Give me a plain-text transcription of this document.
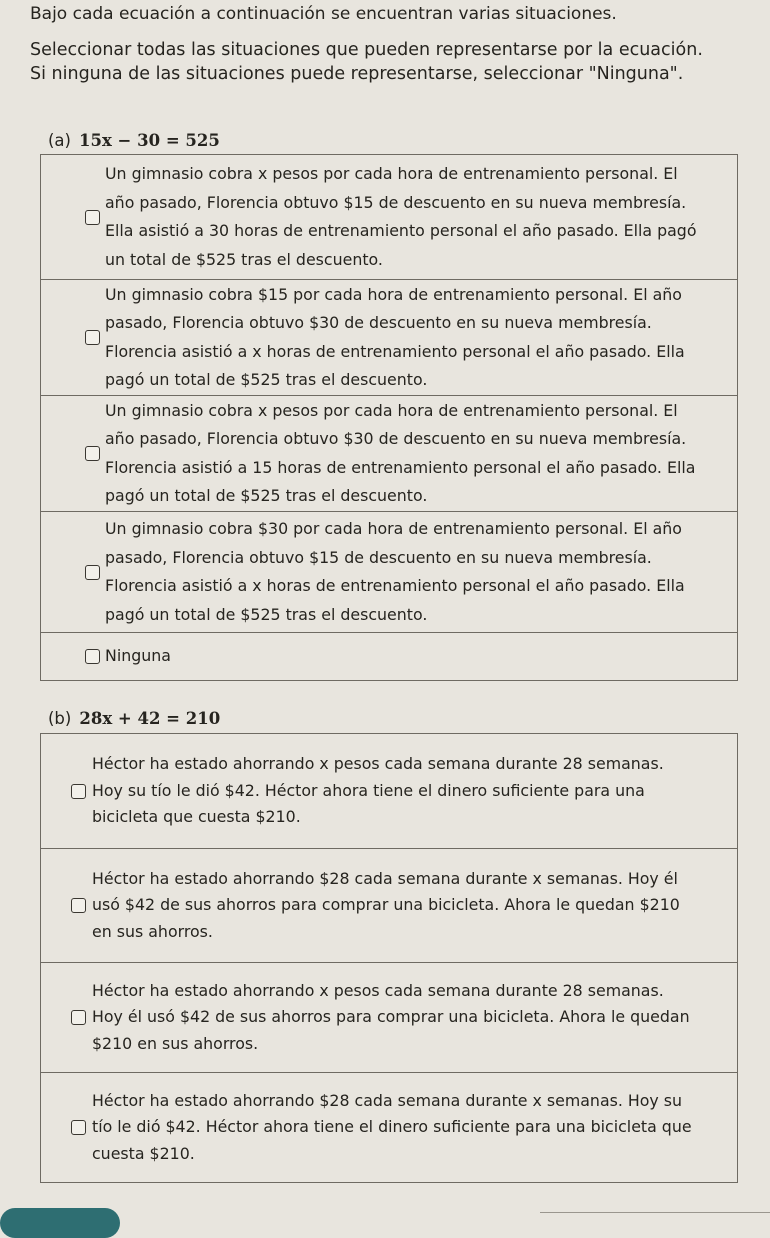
Bajo cada ecuación a continuación se encuentran varias situaciones.
Seleccionar todas las situaciones que pueden representarse por la ecuación.
Si ninguna de las situaciones puede representarse, seleccionar "Ninguna".
(a) 15x − 30 = 525
Un gimnasio cobra x pesos por cada hora de entrenamiento personal. El
año pasado, Florencia obtuvo $15 de descuento en su nueva membresía.
Ella asistió a 30 horas de entrenamiento personal el año pasado. Ella pagó
un total de $525 tras el descuento.
Un gimnasio cobra $15 por cada hora de entrenamiento personal. El año
pasado, Florencia obtuvo $30 de descuento en su nueva membresía.
Florencia asistió a x horas de entrenamiento personal el año pasado. Ella
pagó un total de $525 tras el descuento.
Un gimnasio cobra x pesos por cada hora de entrenamiento personal. El
año pasado, Florencia obtuvo $30 de descuento en su nueva membresía.
Florencia asistió a 15 horas de entrenamiento personal el año pasado. Ella
pagó un total de $525 tras el descuento.
Un gimnasio cobra $30 por cada hora de entrenamiento personal. El año
pasado, Florencia obtuvo $15 de descuento en su nueva membresía.
Florencia asistió a x horas de entrenamiento personal el año pasado. Ella
pagó un total de $525 tras el descuento.
Ninguna
(b) 28x + 42 = 210
Héctor ha estado ahorrando x pesos cada semana durante 28 semanas.
Hoy su tío le dió $42. Héctor ahora tiene el dinero suficiente para una
bicicleta que cuesta $210.
Héctor ha estado ahorrando $28 cada semana durante x semanas. Hoy él
usó $42 de sus ahorros para comprar una bicicleta. Ahora le quedan $210
en sus ahorros.
Héctor ha estado ahorrando x pesos cada semana durante 28 semanas.
Hoy él usó $42 de sus ahorros para comprar una bicicleta. Ahora le quedan
$210 en sus ahorros.
Héctor ha estado ahorrando $28 cada semana durante x semanas. Hoy su
tío le dió $42. Héctor ahora tiene el dinero suficiente para una bicicleta que
cuesta $210.
